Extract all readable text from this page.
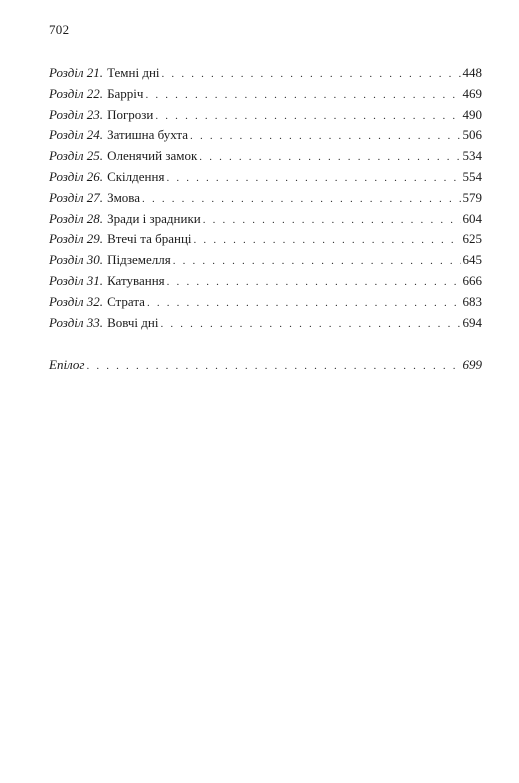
702
Розділ 21. Темні дні . . .	448
Розділ 22. Барріч . . .	469
Розділ 23. Погрози . . .	490
Розділ 24. Затишна бухта . . .	506
Розділ 25. Оленячий замок . . .	534
Розділ 26. Скілдення . . .	554
Розділ 27. Змова . . .	579
Розділ 28. Зради і зрадники . . .	604
Розділ 29. Втечі та бранці . . .	625
Розділ 30. Підземелля . . .	645
Розділ 31. Катування . . .	666
Розділ 32. Страта . . .	683
Розділ 33. Вовчі дні . . .	694
Епілог . . .	699
